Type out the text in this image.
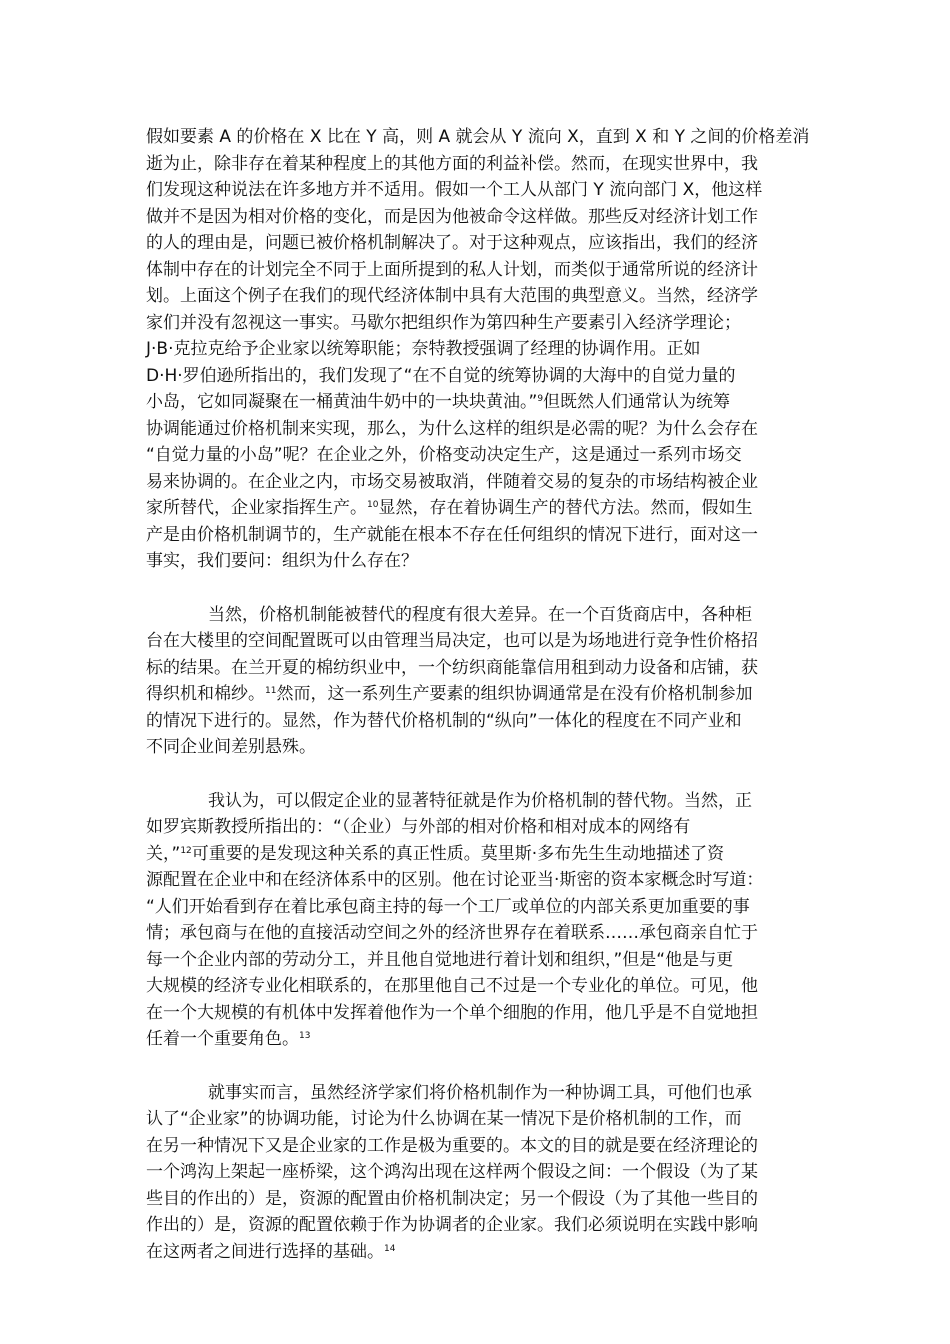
假如要素 A 的价格在 X 比在 Y 高，则 A 就会从 Y 流向 X，直到 X 和 Y 之间的价格差消
逝为止，除非存在着某种程度上的其他方面的利益补偿。然而，在现实世界中，我
们发现这种说法在许多地方并不适用。假如一个工人从部门 Y 流向部门 X，他这样
做并不是因为相对价格的变化，而是因为他被命令这样做。那些反对经济计划工作
的人的理由是，问题已被价格机制解决了。对于这种观点，应该指出，我们的经济
体制中存在的计划完全不同于上面所提到的私人计划，而类似于通常所说的经济计
划。上面这个例子在我们的现代经济体制中具有大范围的典型意义。当然，经济学
家们并没有忽视这一事实。马歇尔把组织作为第四种生产要素引入经济学理论；
J·B·克拉克给予企业家以统筹职能；奈特教授强调了经理的协调作用。正如
D·H·罗伯逊所指出的，我们发现了“在不自觉的统筹协调的大海中的自觉力量的
小岛，它如同凝聚在一桶黄油牛奶中的一块块黄油。”$^9$但既然人们通常认为统筹
协调能通过价格机制来实现，那么，为什么这样的组织是必需的呢？为什么会存在
“自觉力量的小岛”呢？在企业之外，价格变动决定生产，这是通过一系列市场交
易来协调的。在企业之内，市场交易被取消，伴随着交易的复杂的市场结构被企业
家所替代，企业家指挥生产。$^{10}$显然，存在着协调生产的替代方法。然而，假如生
产是由价格机制调节的，生产就能在根本不存在任何组织的情况下进行，面对这一
事实，我们要问：组织为什么存在？
当然，价格机制能被替代的程度有很大差异。在一个百货商店中，各种柜
台在大楼里的空间配置既可以由管理当局决定，也可以是为场地进行竞争性价格招
标的结果。在兰开夏的棉纺织业中，一个纺织商能靠信用租到动力设备和店铺，获
得织机和棉纱。$^{11}$然而，这一系列生产要素的组织协调通常是在没有价格机制参加
的情况下进行的。显然，作为替代价格机制的“纵向”一体化的程度在不同产业和
不同企业间差别悬殊。
我认为，可以假定企业的显著特征就是作为价格机制的替代物。当然，正
如罗宾斯教授所指出的：“（企业）与外部的相对价格和相对成本的网络有
关，”$^{12}$可重要的是发现这种关系的真正性质。莫里斯·多布先生生动地描述了资
源配置在企业中和在经济体系中的区别。他在讨论亚当·斯密的资本家概念时写道：
“人们开始看到存在着比承包商主持的每一个工厂或单位的内部关系更加重要的事
情；承包商与在他的直接活动空间之外的经济世界存在着联系……承包商亲自忙于
每一个企业内部的劳动分工，并且他自觉地进行着计划和组织，”但是“他是与更
大规模的经济专业化相联系的，在那里他自己不过是一个专业化的单位。可见，他
在一个大规模的有机体中发挥着他作为一个单个细胞的作用，他几乎是不自觉地担
任着一个重要角色。$^{13}$
就事实而言，虽然经济学家们将价格机制作为一种协调工具，可他们也承
认了“企业家”的协调功能，讨论为什么协调在某一情况下是价格机制的工作，而
在另一种情况下又是企业家的工作是极为重要的。本文的目的就是要在经济理论的
一个鸿沟上架起一座桥梁，这个鸿沟出现在这样两个假设之间：一个假设（为了某
些目的作出的）是，资源的配置由价格机制决定；另一个假设（为了其他一些目的
作出的）是，资源的配置依赖于作为协调者的企业家。我们必须说明在实践中影响
在这两者之间进行选择的基础。$^{14}$
